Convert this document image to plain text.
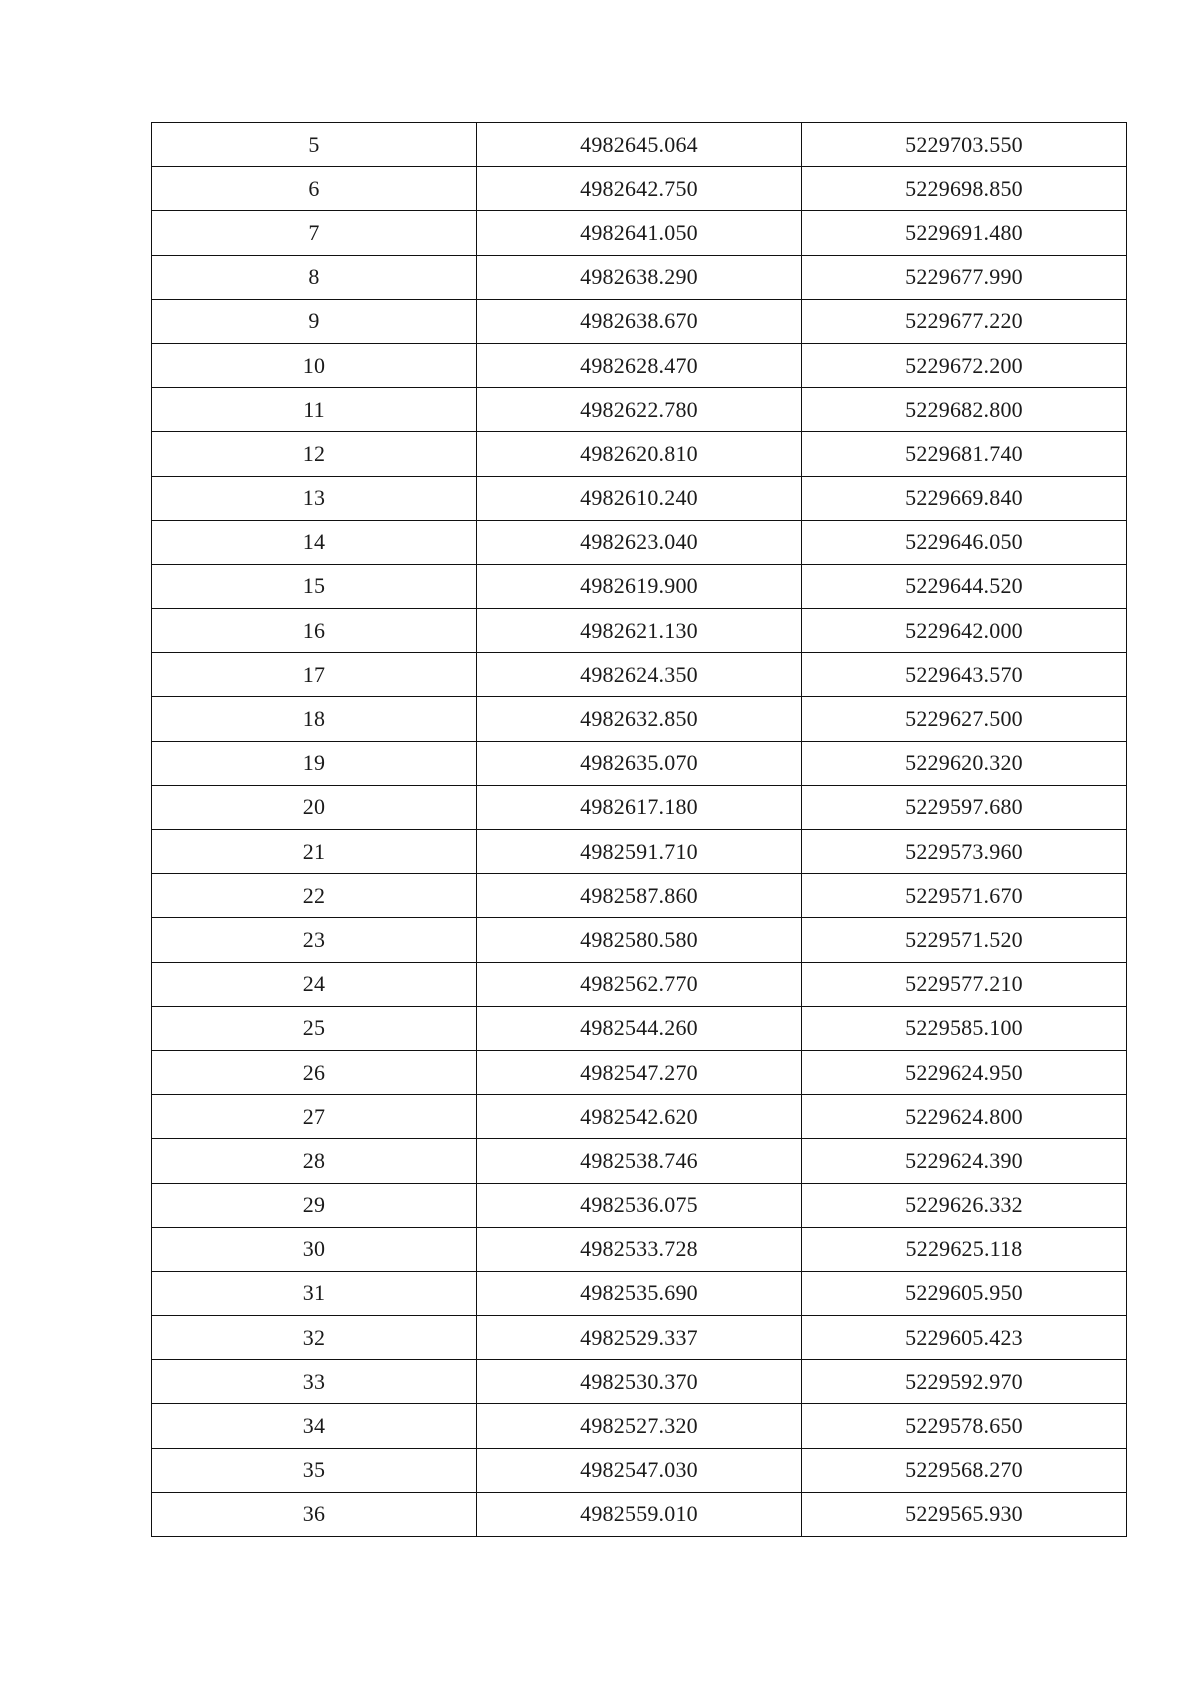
5	4982645.064	5229703.550
6	4982642.750	5229698.850
7	4982641.050	5229691.480
8	4982638.290	5229677.990
9	4982638.670	5229677.220
10	4982628.470	5229672.200
11	4982622.780	5229682.800
12	4982620.810	5229681.740
13	4982610.240	5229669.840
14	4982623.040	5229646.050
15	4982619.900	5229644.520
16	4982621.130	5229642.000
17	4982624.350	5229643.570
18	4982632.850	5229627.500
19	4982635.070	5229620.320
20	4982617.180	5229597.680
21	4982591.710	5229573.960
22	4982587.860	5229571.670
23	4982580.580	5229571.520
24	4982562.770	5229577.210
25	4982544.260	5229585.100
26	4982547.270	5229624.950
27	4982542.620	5229624.800
28	4982538.746	5229624.390
29	4982536.075	5229626.332
30	4982533.728	5229625.118
31	4982535.690	5229605.950
32	4982529.337	5229605.423
33	4982530.370	5229592.970
34	4982527.320	5229578.650
35	4982547.030	5229568.270
36	4982559.010	5229565.930
